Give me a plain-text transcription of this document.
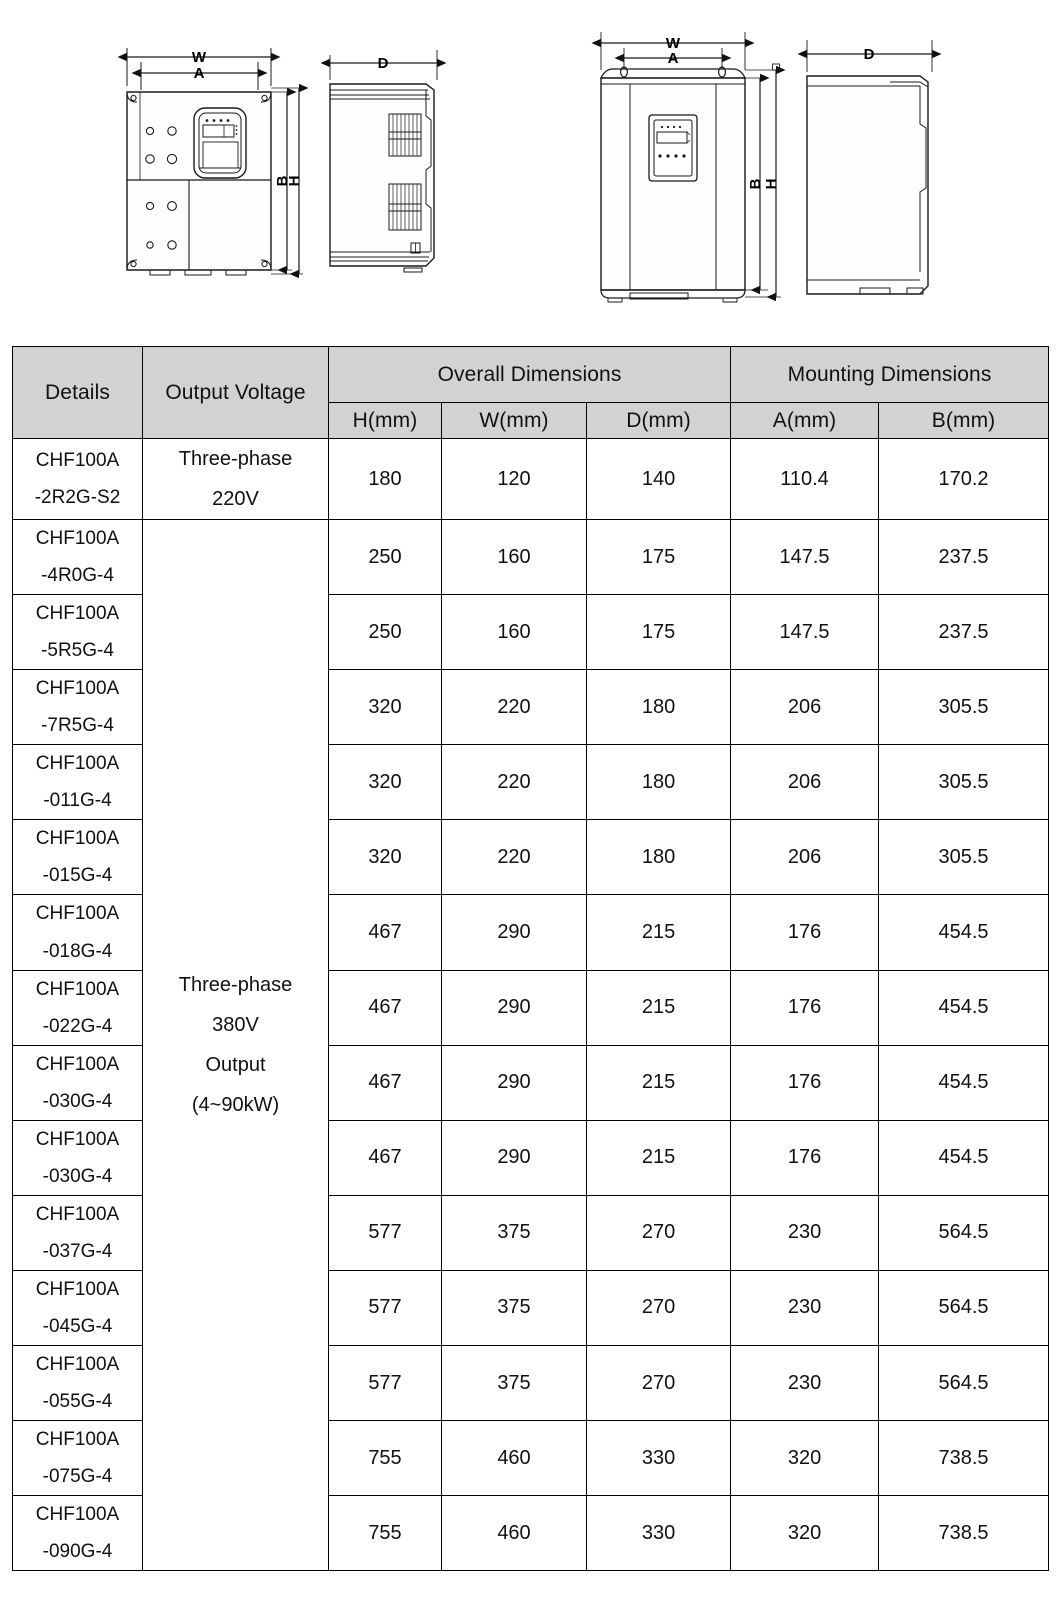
W
A
B
H
D
W
A
B H
D
Details	Output Voltage	Overall Dimensions			Mounting Dimensions	
		H(mm)	W(mm)	D(mm)	A(mm)	B(mm)

CHF100A
-2R2G-S2	Three-phase
220V	180	120	140	110.4	170.2

CHF100A
-4R0G-4	Three-phase
380V
Output
(4~90kW)	250	160	175	147.5	237.5

CHF100A
-5R5G-4		250	160	175	147.5	237.5

CHF100A
-7R5G-4		320	220	180	206	305.5

CHF100A
-011G-4		320	220	180	206	305.5

CHF100A
-015G-4		320	220	180	206	305.5

CHF100A
-018G-4		467	290	215	176	454.5

CHF100A
-022G-4		467	290	215	176	454.5

CHF100A
-030G-4		467	290	215	176	454.5

CHF100A
-030G-4		467	290	215	176	454.5

CHF100A
-037G-4		577	375	270	230	564.5

CHF100A
-045G-4		577	375	270	230	564.5

CHF100A
-055G-4		577	375	270	230	564.5

CHF100A
-075G-4		755	460	330	320	738.5

CHF100A
-090G-4		755	460	330	320	738.5
